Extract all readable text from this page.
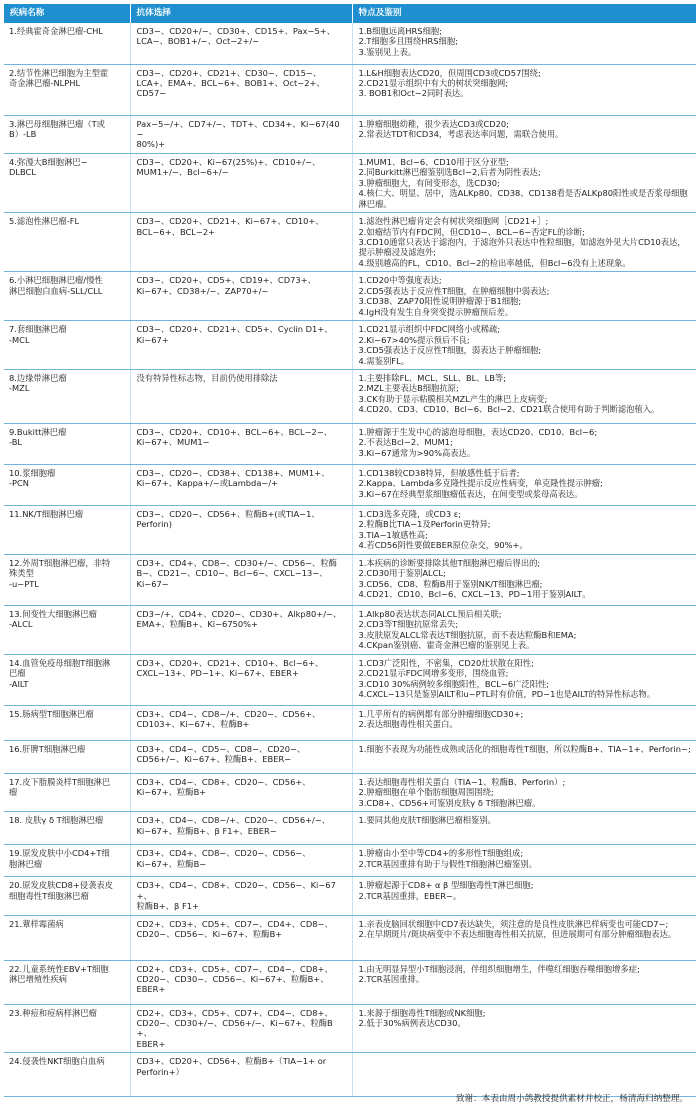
疾病名称	抗体选择	特点及鉴别

1.经典霍奇金淋巴瘤-CHL	CD3−、CD20+/−、CD30+、CD15+、Pax−5+、
LCA−、BOB1+/−、Oct−2+/−	1.B细胞远离HRS细胞;
2.T细胞多且围绕HRS细胞;
3.鉴别见上表。

2.结节性淋巴细胞为主型霍
奇金淋巴瘤-NLPHL	CD3−、CD20+、CD21+、CD30−、CD15−、
LCA+、EMA+、BCL−6+、BOB1+、Oct−2+、
CD57−	1.L&H细胞表达CD20，但周围CD3或CD57围绕;
2.CD21显示组织中有大的树状突细胞网;
3. BOB1和Oct−2同时表达。

3.淋巴母细胞淋巴瘤（T或
B）-LB	Pax−5−/+、CD7+/−、TDT+、CD34+、Ki−67(40−
80%)+	1.肿瘤细胞幼稚，很少表达CD3或CD20;
2.常表达TDT和CD34，考虑表达率问题，需联合使用。

4.弥漫大B细胞淋巴−
DLBCL	CD3−、CD20+、Ki−67(25%)+、CD10+/−、
MUM1+/−、Bcl−6+/−	1.MUM1、Bcl−6、CD10用于区分亚型;
2.同Burkitt淋巴瘤鉴别选Bcl−2,后者为阴性表达;
3.肿瘤细胞大，有间变形态，选CD30;
4.核仁大、明显、居中，选ALKp80、CD38、CD138看是否ALKp80阳性或是否浆母细胞淋巴瘤。

5.滤泡性淋巴瘤-FL	CD3−、CD20+、CD21+、Ki−67+、CD10+、
BCL−6+、BCL−2+	1.滤泡性淋巴瘤肯定会有树状突细胞网［CD21+］;
2.如瘤结节内有FDC网，但CD10−、BCL−6−否定FL的诊断;
3.CD10通常只表达于滤泡内，于滤泡外只表达中性粒细胞，如滤泡外见大片CD10表达，提示肿瘤浸及滤泡外;
4.级别越高的FL，CD10、Bcl−2的检出率越低，但Bcl−6没有上述现象。

6.小淋巴细胞淋巴瘤/慢性
淋巴细胞白血病-SLL/CLL	CD3−、CD20+、CD5+、CD19+、CD73+、
Ki−67+、CD38+/−、ZAP70+/−	1.CD20中等强度表达;
2.CD5强表达于反应性T细胞，在肿瘤细胞中弱表达;
3.CD38、ZAP70阳性说明肿瘤源于B1细胞;
4.IgH没有发生自身突变提示肿瘤预后差。

7.套细胞淋巴瘤
-MCL	CD3−、CD20+、CD21+、CD5+、Cyclin D1+、
Ki−67+	1.CD21显示组织中FDC网络小或稀疏;
2.Ki−67>40%提示预后不良;
3.CD5强表达于反应性T细胞，弱表达于肿瘤细胞;
4.需鉴别FL。

8.边缘带淋巴瘤
-MZL	没有特异性标志物，目前仍使用排除法	1.主要排除FL、MCL、SLL、BL、LB等;
2.MZL主要表达B细胞抗原;
3.CK有助于显示粘膜相关MZL产生的淋巴上皮病变;
4.CD20、CD3、CD10、Bcl−6、Bcl−2、CD21联合使用有助于判断滤泡植入。

9.Bukitt淋巴瘤
-BL	CD3−、CD20+、CD10+、BCL−6+、BCL−2−、
Ki−67+、MUM1−	1.肿瘤源于生发中心的滤泡母细胞，表达CD20、CD10、Bcl−6;
2.不表达Bcl−2、MUM1;
3.Ki−67通常为>90%高表达。

10.浆细胞瘤
-PCN	CD3−、CD20−、CD38+、CD138+、MUM1+、
Ki−67+、Kappa+/−或Lambda−/+	1.CD138较CD38特异，但敏感性低于后者;
2.Kappa、Lambda多克隆性提示反应性病变，单克隆性提示肿瘤;
3.Ki−67在经典型浆细胞瘤低表达，在间变型或浆母高表达。

11.NK/T细胞淋巴瘤	CD3−、CD20−、CD56+、粒酶B+(或TIA−1、
Perforin)	1.CD3选多克隆，或CD3 ε;
2.粒酶B比TIA−1及Perforin更特异;
3.TIA−1敏感性高;
4.若CD56阴性要做EBER原位杂交，90%+。

12.外周T细胞淋巴瘤，非特
殊类型
-u−PTL	CD3+、CD4+、CD8−、CD30+/−、CD56−、粒酶
B−、CD21−、CD10−、Bcl−6−、CXCL−13−、
Ki−67−	1.本疾病的诊断要排除其他T细胞淋巴瘤后得出的;
2.CD30用于鉴别ALCL;
3.CD56、CD8、粒酶B用于鉴别NK/T细胞淋巴瘤;
4.CD21、CD10、Bcl−6、CXCL−13、PD−1用于鉴别AILT。

13.间变性大细胞淋巴瘤
-ALCL	CD3−/+、CD4+、CD20−、CD30+、Alkp80+/−、
EMA+、粒酶B+、Ki−6750%+	1.Alkp80表达状态同ALCL预后相关联;
2.CD3等T细胞抗原常丢失;
3.皮肤原发ALCL常表达T细胞抗原，而不表达粒酶B和EMA;
4.CKpan鉴别癌、霍奇金淋巴瘤的鉴别见上表。

14.血管免疫母细胞T细胞淋
巴瘤
-AILT	CD3+、CD20+、CD21+、CD10+、Bcl−6+、
CXCL−13+、PD−1+、Ki−67+、EBER+	1.CD3广泛阳性，不密集，CD20灶状散在阳性;
2.CD21显示FDC网增多变形，围绕血管;
3.CD10 30%病例较多细胞阳性，BCL−6广泛阳性;
4.CXCL−13只是鉴别AILT和u−PTL时有价值，PD−1也是AILT的特异性标志物。

15.肠病型T细胞淋巴瘤	CD3+、CD4−、CD8−/+、CD20−、CD56+、
CD103+、Ki−67+、粒酶B+	1.几乎所有的病例都有部分肿瘤细胞CD30+;
2.表达细胞毒性相关蛋白。

16.肝脾T细胞淋巴瘤	CD3+、CD4−、CD5−、CD8−、CD20−、
CD56+/−、Ki−67+、粒酶B+、EBER−	1.细胞不表现为功能性成熟或活化的细胞毒性T细胞，所以粒酶B+、TIA−1+、Perforin−;

17.皮下脂膜炎样T细胞淋巴
瘤	CD3+、CD4−、CD8+、CD20−、CD56+、
Ki−67+、粒酶B+	1.表达细胞毒性相关蛋白（TIA−1、粒酶B、Perforin）;
2.肿瘤细胞在单个脂肪细胞周围围绕;
3.CD8+、CD56+可鉴别皮肤γ δ T细胞淋巴瘤。

18. 皮肤γ δ T细胞淋巴瘤	CD3+、CD4−、CD8−/+、CD20−、CD56+/−、
Ki−67+、粒酶B+、β F1+、EBER−	1.要同其他皮肤T细胞淋巴瘤相鉴别。

19.原发皮肤中小CD4+T细
胞淋巴瘤	CD3+、CD4+、CD8−、CD20−、CD56−、
Ki−67+、粒酶B−	1.肿瘤由小至中等CD4+的多形性T细胞组成;
2.TCR基因重排有助于与假性T细胞淋巴瘤鉴别。

20.原发皮肤CD8+侵袭表皮
细胞毒性T细胞淋巴瘤	CD3+、CD4−、CD8+、CD20−、CD56−、Ki−67+、
粒酶B+、β F1+	1.肿瘤起源于CD8+ α β 型细胞毒性T淋巴细胞;
2.TCR基因重排，EBER−。

21.蕈样霉菌病	CD2+、CD3+、CD5+、CD7−、CD4+、CD8−、
CD20−、CD56−、Ki−67+、粒酶B+	1.亲表皮脑回状细胞中CD7表达缺失，须注意的是良性皮肤淋巴样病变也可能CD7−;
2.在早期斑片/斑块病变中不表达细胞毒性相关抗原，但进展期可有部分肿瘤细胞表达。

22.儿童系统性EBV+T细胞
淋巴增殖性疾病	CD2+、CD3+、CD5+、CD7−、CD4−、CD8+、
CD20−、CD30−、CD56−、Ki−67+、粒酶B+、
EBER+	1.由无明显异型小T细胞浸润，伴组织细胞增生，伴噬红细胞吞噬细胞增多症;
2.TCR基因重排。

23.种痘和痘病样淋巴瘤	CD2+、CD3+、CD5+、CD7+、CD4−、CD8+、
CD20−、CD30+/−、CD56+/−、Ki−67+、粒酶B+、
EBER+	1.来源于细胞毒性T细胞或NK细胞;
2.低于30%病例表达CD30。

24.侵袭性NKT细胞白血病	CD3+、CD20+、CD56+、粒酶B+（TIA−1+ or
Perforin+）	

致谢：本表由周小鸽教授提供素材并校正，杨清海归纳整理。
